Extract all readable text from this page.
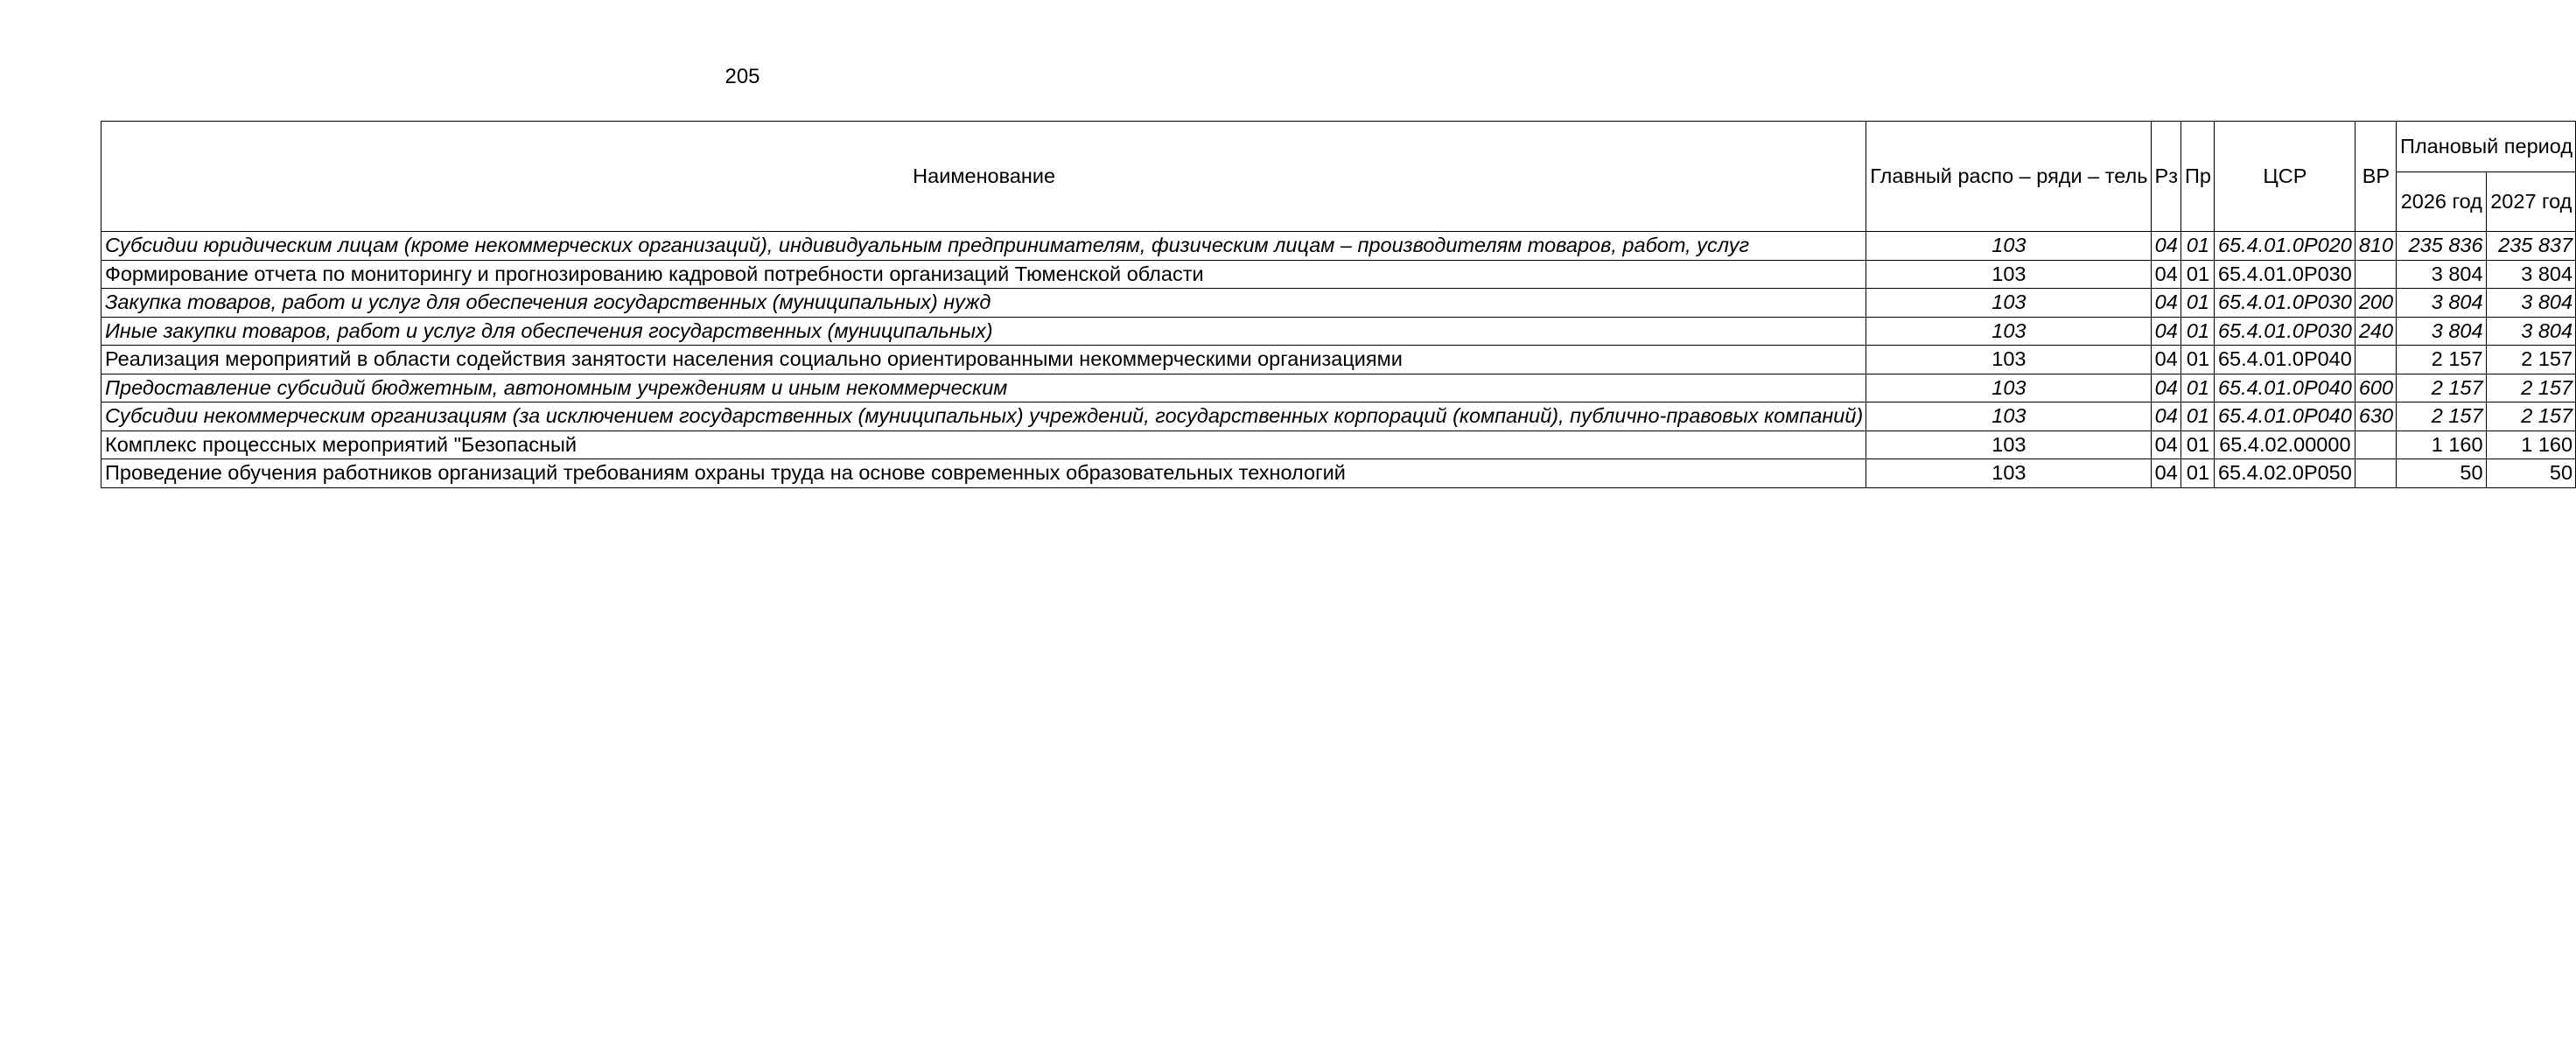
205
Наименование	Главный распо – ряди – тель	Рз	Пр	ЦСР	ВР	Плановый период	
						2026 год	2027 год
Субсидии юридическим лицам (кроме некоммерческих организаций), индивидуальным предпринимателям, физическим лицам – производителям товаров, работ, услуг	103	04	01	65.4.01.0Р020	810	235 836	235 837
Формирование отчета по мониторингу и прогнозированию кадровой потребности организаций Тюменской области	103	04	01	65.4.01.0Р030		3 804	3 804
Закупка товаров, работ и услуг для обеспечения государственных (муниципальных) нужд	103	04	01	65.4.01.0Р030	200	3 804	3 804
Иные закупки товаров, работ и услуг для обеспечения государственных (муниципальных)	103	04	01	65.4.01.0Р030	240	3 804	3 804
Реализация мероприятий в области содействия занятости населения социально ориентированными некоммерческими организациями	103	04	01	65.4.01.0Р040		2 157	2 157
Предоставление субсидий бюджетным, автономным учреждениям и иным некоммерческим	103	04	01	65.4.01.0Р040	600	2 157	2 157
Субсидии некоммерческим организациям (за исключением государственных (муниципальных) учреждений, государственных корпораций (компаний), публично-правовых компаний)	103	04	01	65.4.01.0Р040	630	2 157	2 157
Комплекс процессных мероприятий "Безопасный	103	04	01	65.4.02.00000		1 160	1 160
Проведение обучения работников организаций требованиям охраны труда на основе современных образовательных технологий	103	04	01	65.4.02.0Р050		50	50
